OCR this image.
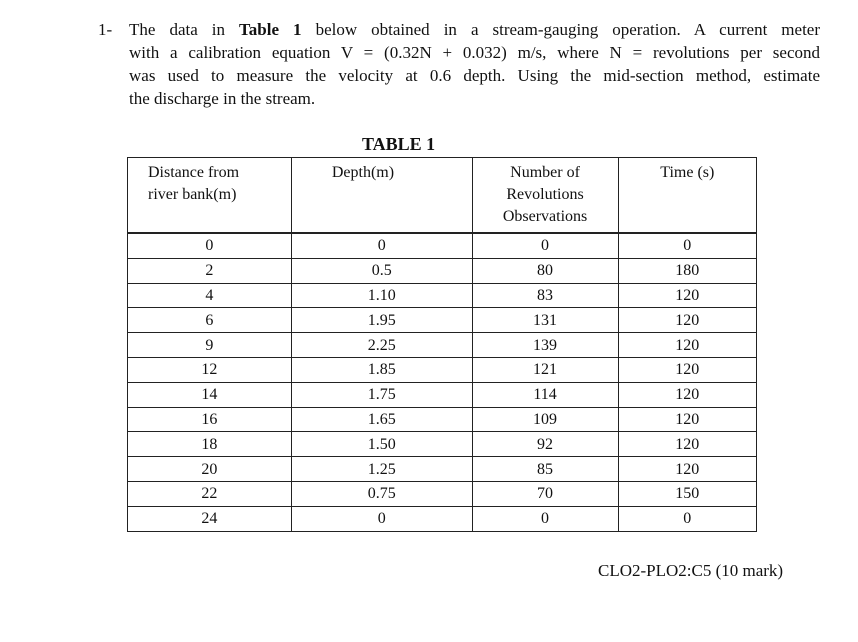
1- The data in Table 1 below obtained in a stream-gauging operation. A current meter
with a calibration equation V = (0.32N + 0.032) m/s, where N = revolutions per second
was used to measure the velocity at 0.6 depth. Using the mid-section method, estimate
the discharge in the stream.
TABLE 1
Distance from
river bank(m)	Depth(m)	Number of
Revolutions
Observations	Time (s)

0	0	0	0
2	0.5	80	180
4	1.10	83	120
6	1.95	131	120
9	2.25	139	120
12	1.85	121	120
14	1.75	114	120
16	1.65	109	120
18	1.50	92	120
20	1.25	85	120
22	0.75	70	150
24	0	0	0
CLO2-PLO2:C5 (10 mark)
